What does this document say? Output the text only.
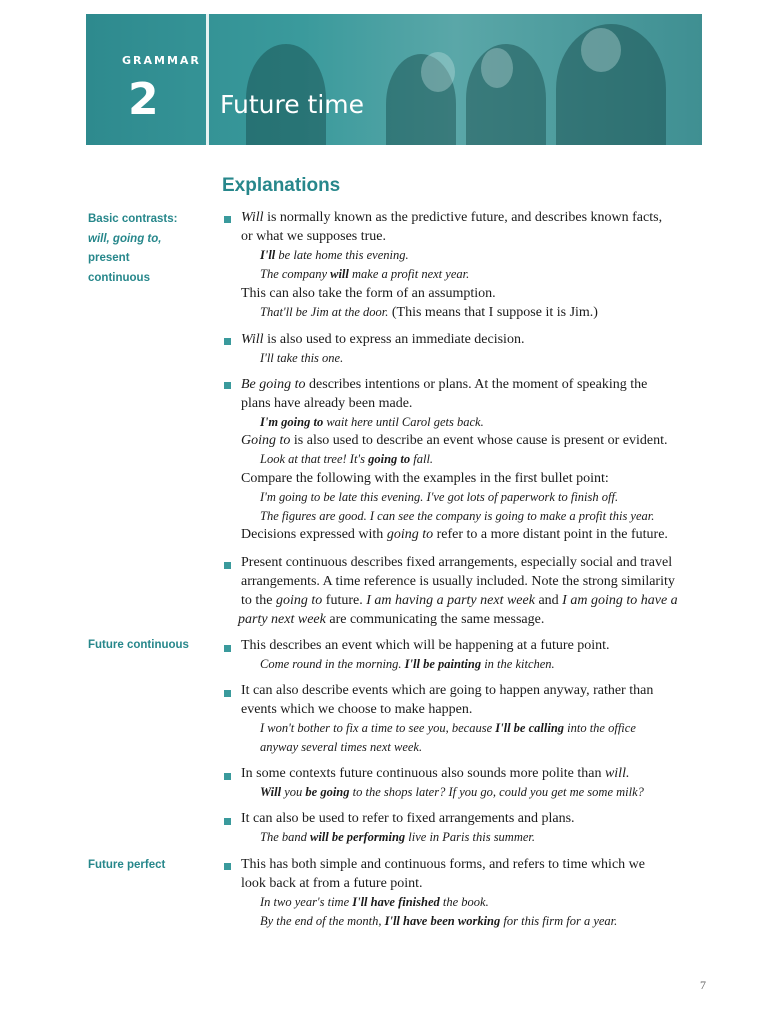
GRAMMAR
2 Future time
Explanations
Basic contrasts:
will, going to,
present
continuous
Future continuous
Future perfect
Will is normally known as the predictive future, and describes known facts,
or what we supposes true.
I'll be late home this evening.
The company will make a profit next year.
This can also take the form of an assumption.
That'll be Jim at the door. (This means that I suppose it is Jim.)
Will is also used to express an immediate decision.
I'll take this one.
Be going to describes intentions or plans. At the moment of speaking the
plans have already been made.
I'm going to wait here until Carol gets back.
Going to is also used to describe an event whose cause is present or evident.
Look at that tree! It's going to fall.
Compare the following with the examples in the first bullet point:
I'm going to be late this evening. I've got lots of paperwork to finish off.
The figures are good. I can see the company is going to make a profit this year.
Decisions expressed with going to refer to a more distant point in the future.
Present continuous describes fixed arrangements, especially social and travel
arrangements. A time reference is usually included. Note the strong similarity
to the going to future. I am having a party next week and I am going to have a
party next week are communicating the same message.
This describes an event which will be happening at a future point.
Come round in the morning. I'll be painting in the kitchen.
It can also describe events which are going to happen anyway, rather than
events which we choose to make happen.
I won't bother to fix a time to see you, because I'll be calling into the office
anyway several times next week.
In some contexts future continuous also sounds more polite than will.
Will you be going to the shops later? If you go, could you get me some milk?
It can also be used to refer to fixed arrangements and plans.
The band will be performing live in Paris this summer.
This has both simple and continuous forms, and refers to time which we
look back at from a future point.
In two year's time I'll have finished the book.
By the end of the month, I'll have been working for this firm for a year.
7
